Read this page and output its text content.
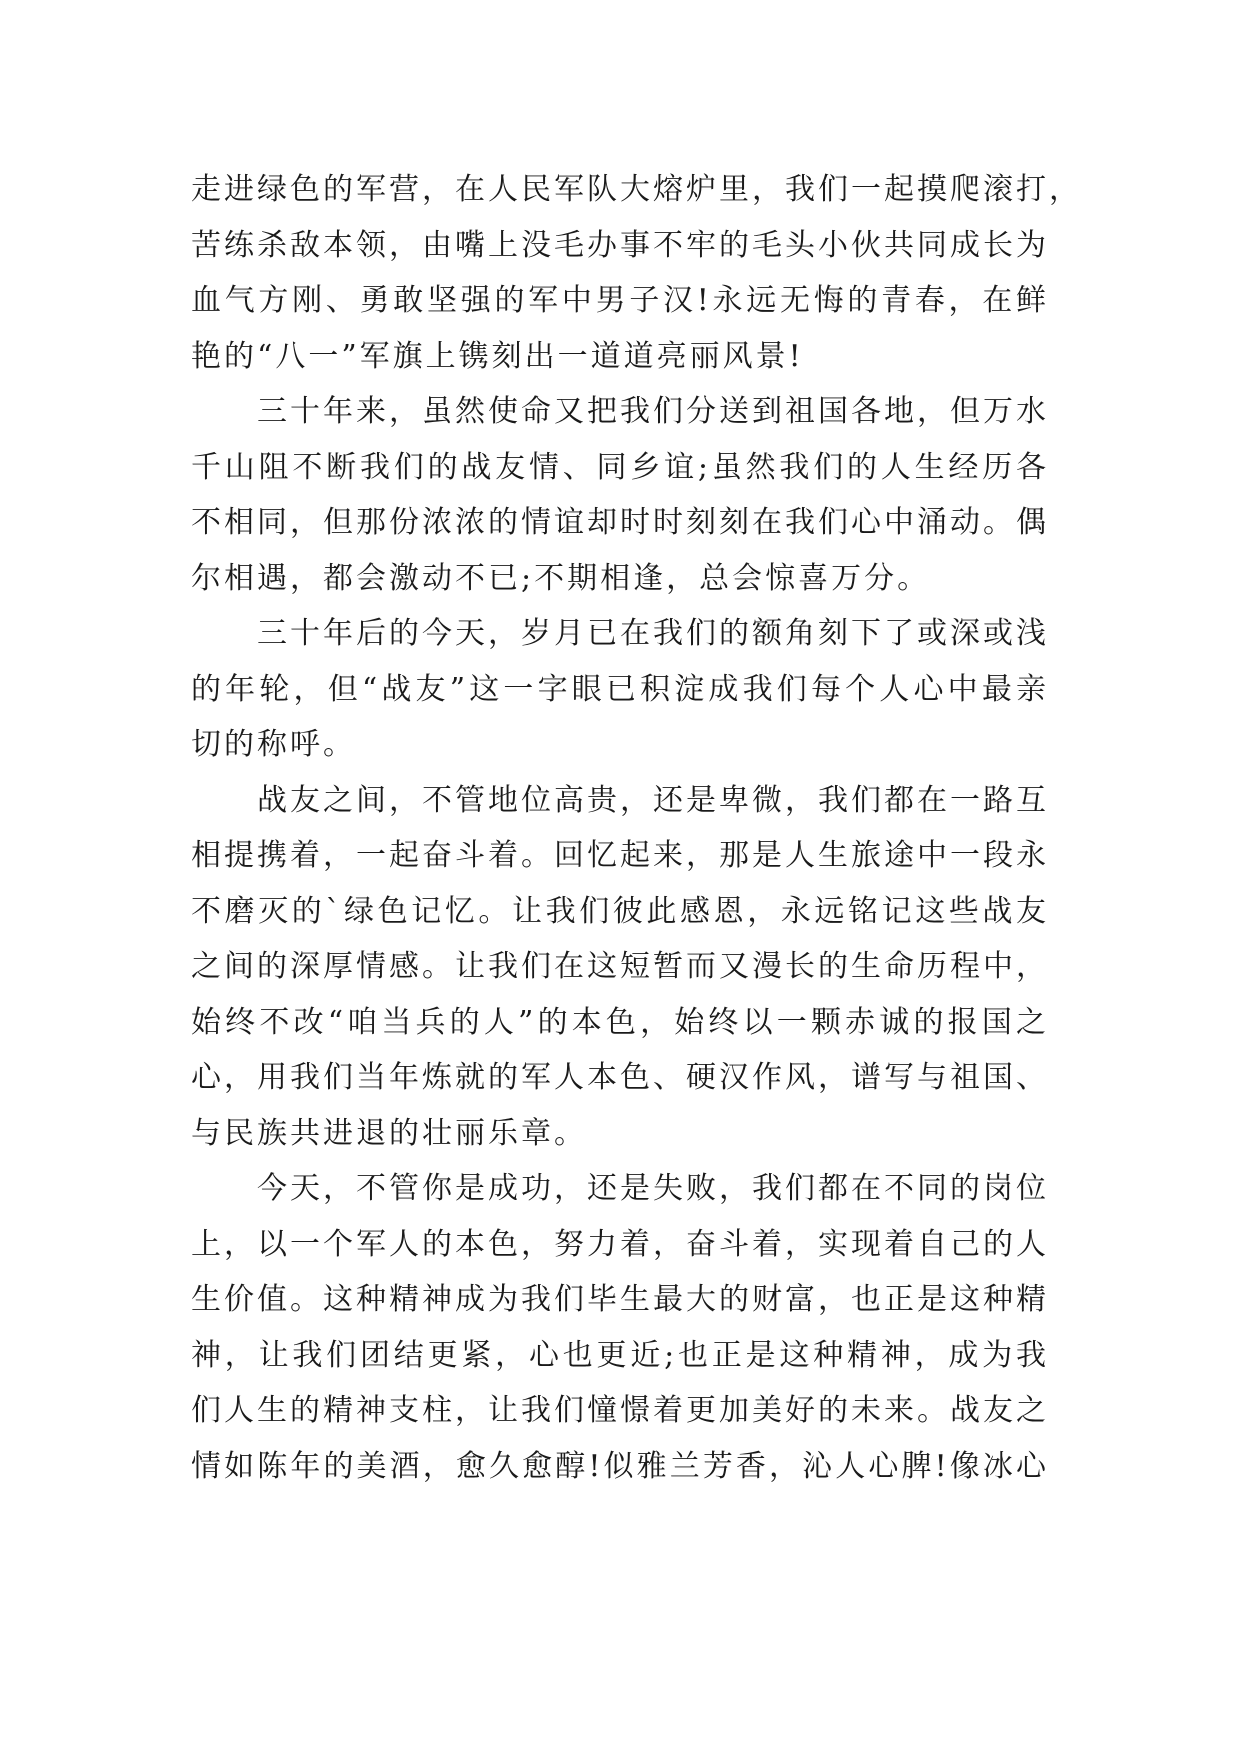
走进绿色的军营，在人民军队大熔炉里，我们一起摸爬滚打，
苦练杀敌本领，由嘴上没毛办事不牢的毛头小伙共同成长为
血气方刚、勇敢坚强的军中男子汉!永远无悔的青春，在鲜
艳的“八一”军旗上镌刻出一道道亮丽风景!
三十年来，虽然使命又把我们分送到祖国各地，但万水
千山阻不断我们的战友情、同乡谊;虽然我们的人生经历各
不相同，但那份浓浓的情谊却时时刻刻在我们心中涌动。偶
尔相遇，都会激动不已;不期相逢，总会惊喜万分。
三十年后的今天，岁月已在我们的额角刻下了或深或浅
的年轮，但“战友”这一字眼已积淀成我们每个人心中最亲
切的称呼。
战友之间，不管地位高贵，还是卑微，我们都在一路互
相提携着，一起奋斗着。回忆起来，那是人生旅途中一段永
不磨灭的`绿色记忆。让我们彼此感恩，永远铭记这些战友
之间的深厚情感。让我们在这短暂而又漫长的生命历程中，
始终不改“咱当兵的人”的本色，始终以一颗赤诚的报国之
心，用我们当年炼就的军人本色、硬汉作风，谱写与祖国、
与民族共进退的壮丽乐章。
今天，不管你是成功，还是失败，我们都在不同的岗位
上，以一个军人的本色，努力着，奋斗着，实现着自己的人
生价值。这种精神成为我们毕生最大的财富，也正是这种精
神，让我们团结更紧，心也更近;也正是这种精神，成为我
们人生的精神支柱，让我们憧憬着更加美好的未来。战友之
情如陈年的美酒，愈久愈醇!似雅兰芳香，沁人心脾!像冰心
